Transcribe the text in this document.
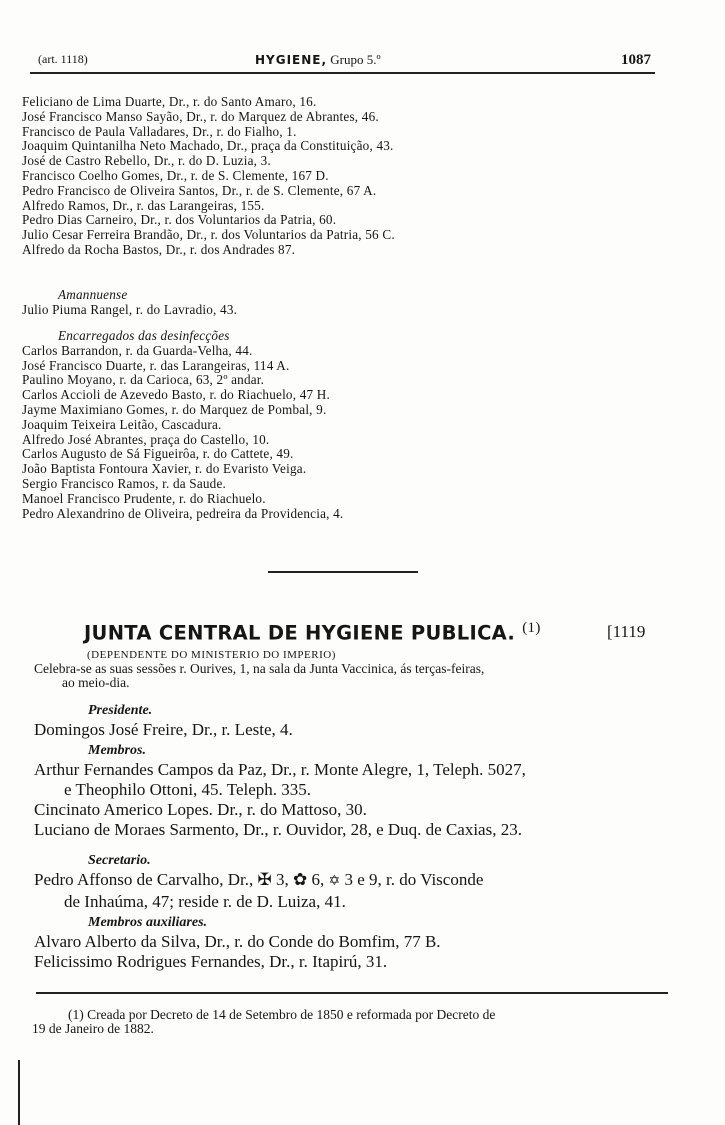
(art. 1118)	HYGIENE, Grupo 5.º	1087
Feliciano de Lima Duarte, Dr., r. do Santo Amaro, 16.
José Francisco Manso Sayão, Dr., r. do Marquez de Abrantes, 46.
Francisco de Paula Valladares, Dr., r. do Fialho, 1.
Joaquim Quintanilha Neto Machado, Dr., praça da Constituição, 43.
José de Castro Rebello, Dr., r. do D. Luzia, 3.
Francisco Coelho Gomes, Dr., r. de S. Clemente, 167 D.
Pedro Francisco de Oliveira Santos, Dr., r. de S. Clemente, 67 A.
Alfredo Ramos, Dr., r. das Larangeiras, 155.
Pedro Dias Carneiro, Dr., r. dos Voluntarios da Patria, 60.
Julio Cesar Ferreira Brandão, Dr., r. dos Voluntarios da Patria, 56 C.
Alfredo da Rocha Bastos, Dr., r. dos Andrades 87.
Amannuense
Julio Piuma Rangel, r. do Lavradio, 43.
Encarregados das desinfecções
Carlos Barrandon, r. da Guarda-Velha, 44.
José Francisco Duarte, r. das Larangeiras, 114 A.
Paulino Moyano, r. da Carioca, 63, 2º andar.
Carlos Accioli de Azevedo Basto, r. do Riachuelo, 47 H.
Jayme Maximiano Gomes, r. do Marquez de Pombal, 9.
Joaquim Teixeira Leitão, Cascadura.
Alfredo José Abrantes, praça do Castello, 10.
Carlos Augusto de Sá Figueirôa, r. do Cattete, 49.
João Baptista Fontoura Xavier, r. do Evaristo Veiga.
Sergio Francisco Ramos, r. da Saude.
Manoel Francisco Prudente, r. do Riachuelo.
Pedro Alexandrino de Oliveira, pedreira da Providencia, 4.
JUNTA CENTRAL DE HYGIENE PUBLICA. $^{(1)}$	[1119
(DEPENDENTE DO MINISTERIO DO IMPERIO)
Celebra-se as suas sessões r. Ourives, 1, na sala da Junta Vaccinica, ás terças-feiras,
ao meio-dia.
Presidente.
Domingos José Freire, Dr., r. Leste, 4.
Membros.
Arthur Fernandes Campos da Paz, Dr., r. Monte Alegre, 1, Teleph. 5027,
e Theophilo Ottoni, 45. Teleph. 335.
Cincinato Americo Lopes. Dr., r. do Mattoso, 30.
Luciano de Moraes Sarmento, Dr., r. Ouvidor, 28, e Duq. de Caxias, 23.
Secretario.
Pedro Affonso de Carvalho, Dr., ✠ 3, ✿ 6, ✡ 3 e 9, r. do Visconde
de Inhaúma, 47; reside r. de D. Luiza, 41.
Membros auxiliares.
Alvaro Alberto da Silva, Dr., r. do Conde do Bomfim, 77 B.
Felicissimo Rodrigues Fernandes, Dr., r. Itapirú, 31.
(1) Creada por Decreto de 14 de Setembro de 1850 e reformada por Decreto de
19 de Janeiro de 1882.
